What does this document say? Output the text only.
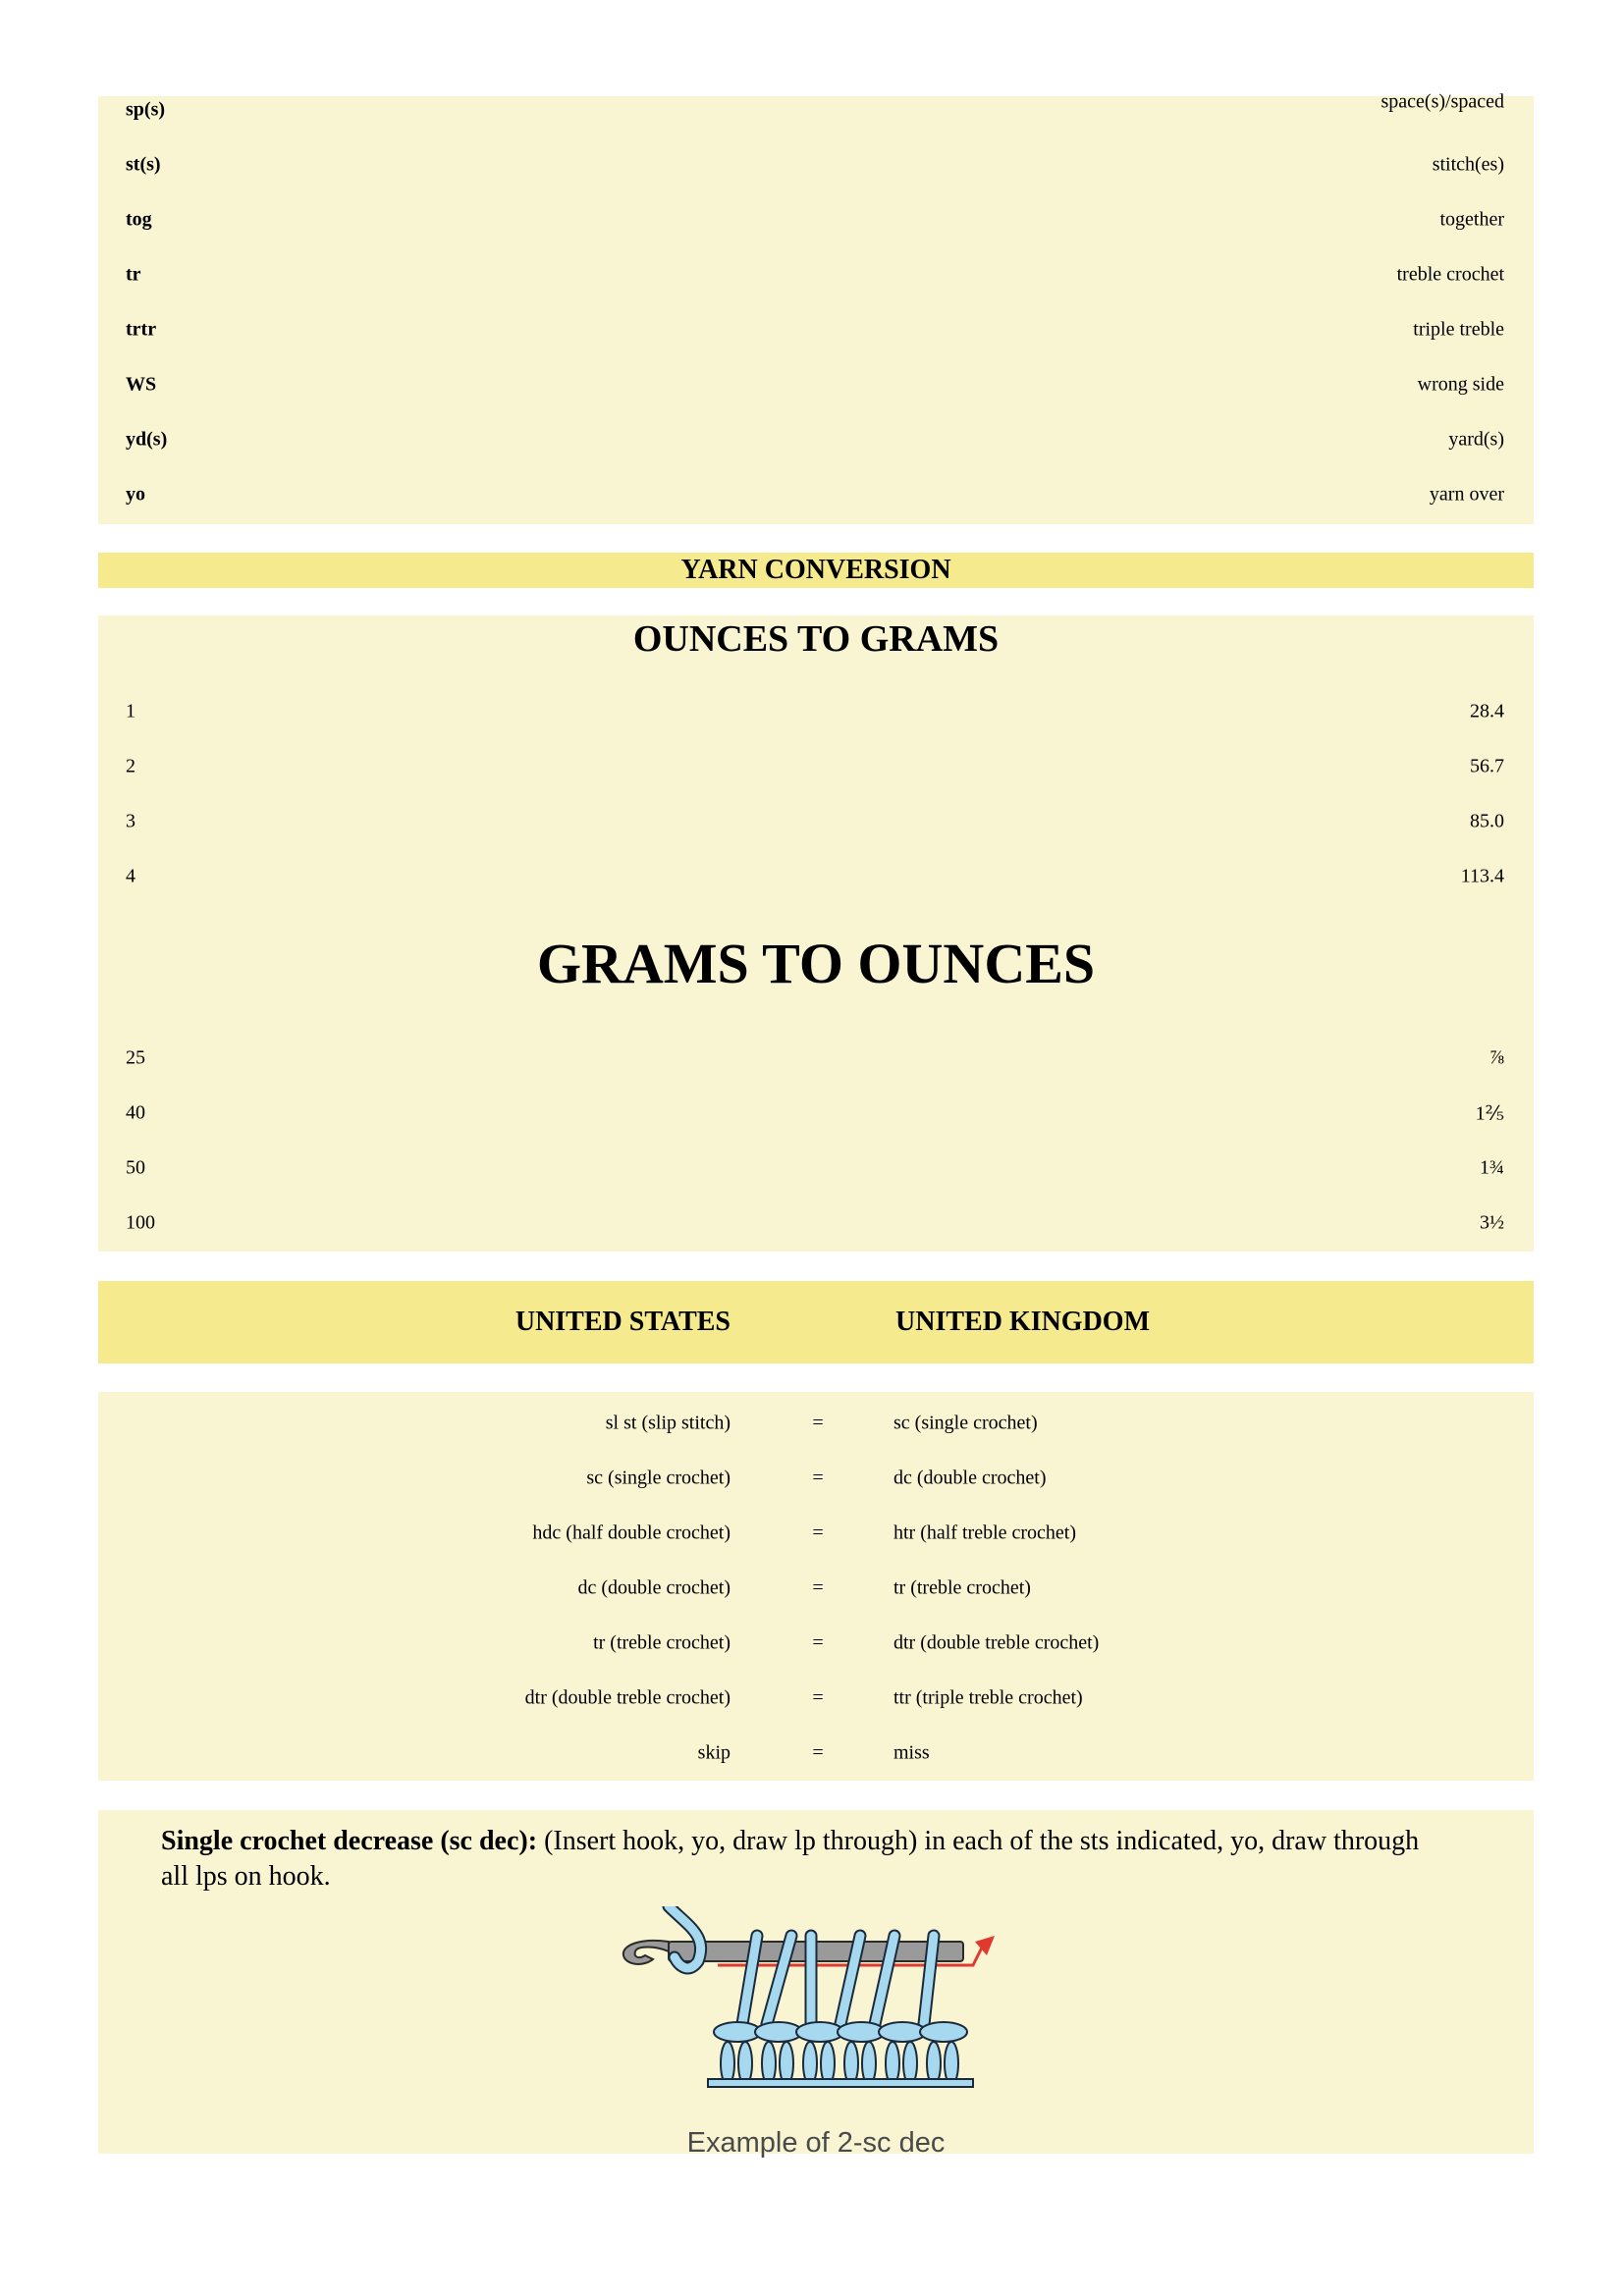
sp(s)	space(s)/spaced
st(s)	stitch(es)
tog	together
tr	treble crochet
trtr	triple treble
WS	wrong side
yd(s)	yard(s)
yo	yarn over
YARN CONVERSION
OUNCES TO GRAMS
1	28.4
2	56.7
3	85.0
4	113.4
GRAMS TO OUNCES
25	⅞
40	1⅖
50	1¾
100	3½
UNITED STATES	UNITED KINGDOM
sl st (slip stitch)	=	sc (single crochet)
sc (single crochet)	=	dc (double crochet)
hdc (half double crochet)	=	htr (half treble crochet)
dc (double crochet)	=	tr (treble crochet)
tr (treble crochet)	=	dtr (double treble crochet)
dtr (double treble crochet)	=	ttr (triple treble crochet)
skip	=	miss
Single crochet decrease (sc dec): (Insert hook, yo, draw lp through) in each of the sts indicated, yo, draw through all lps on hook.
Example of 2-sc dec
